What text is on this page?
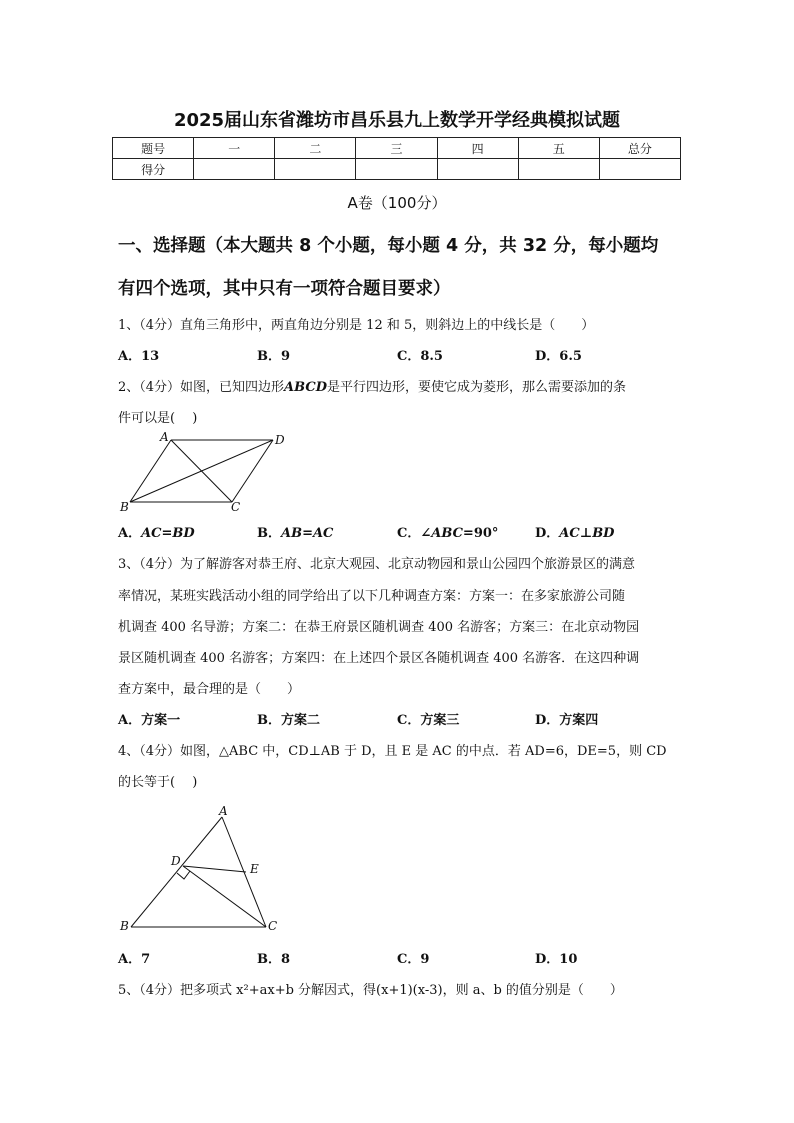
2025届山东省潍坊市昌乐县九上数学开学经典模拟试题
题号	一	二	三	四	五	总分
得分						
A卷（100分）
一、选择题（本大题共 8 个小题，每小题 4 分，共 32 分，每小题均
有四个选项，其中只有一项符合题目要求）
1、（4分）直角三角形中，两直角边分别是 12 和 5，则斜边上的中线长是（　　）
A．13	B．9	C．8.5	D．6.5
2、（4分）如图，已知四边形ABCD是平行四边形，要使它成为菱形，那么需要添加的条
件可以是(　 )
A	D
B	C
A．AC=BD	B．AB=AC	C．∠ABC=90°	D．AC⊥BD
3、（4分）为了解游客对恭王府、北京大观园、北京动物园和景山公园四个旅游景区的满意
率情况，某班实践活动小组的同学给出了以下几种调查方案：方案一：在多家旅游公司随
机调查 400 名导游；方案二：在恭王府景区随机调查 400 名游客；方案三：在北京动物园
景区随机调查 400 名游客；方案四：在上述四个景区各随机调查 400 名游客．在这四种调
查方案中，最合理的是（　　）
A．方案一	B．方案二	C．方案三	D．方案四
4、（4分）如图，△ABC 中，CD⊥AB 于 D，且 E 是 AC 的中点．若 AD=6，DE=5，则 CD
的长等于(　 )
A
D
E
B	C
A．7	B．8	C．9	D．10
5、（4分）把多项式 x²+ax+b 分解因式，得(x+1)(x-3)，则 a、b 的值分别是（　　）
